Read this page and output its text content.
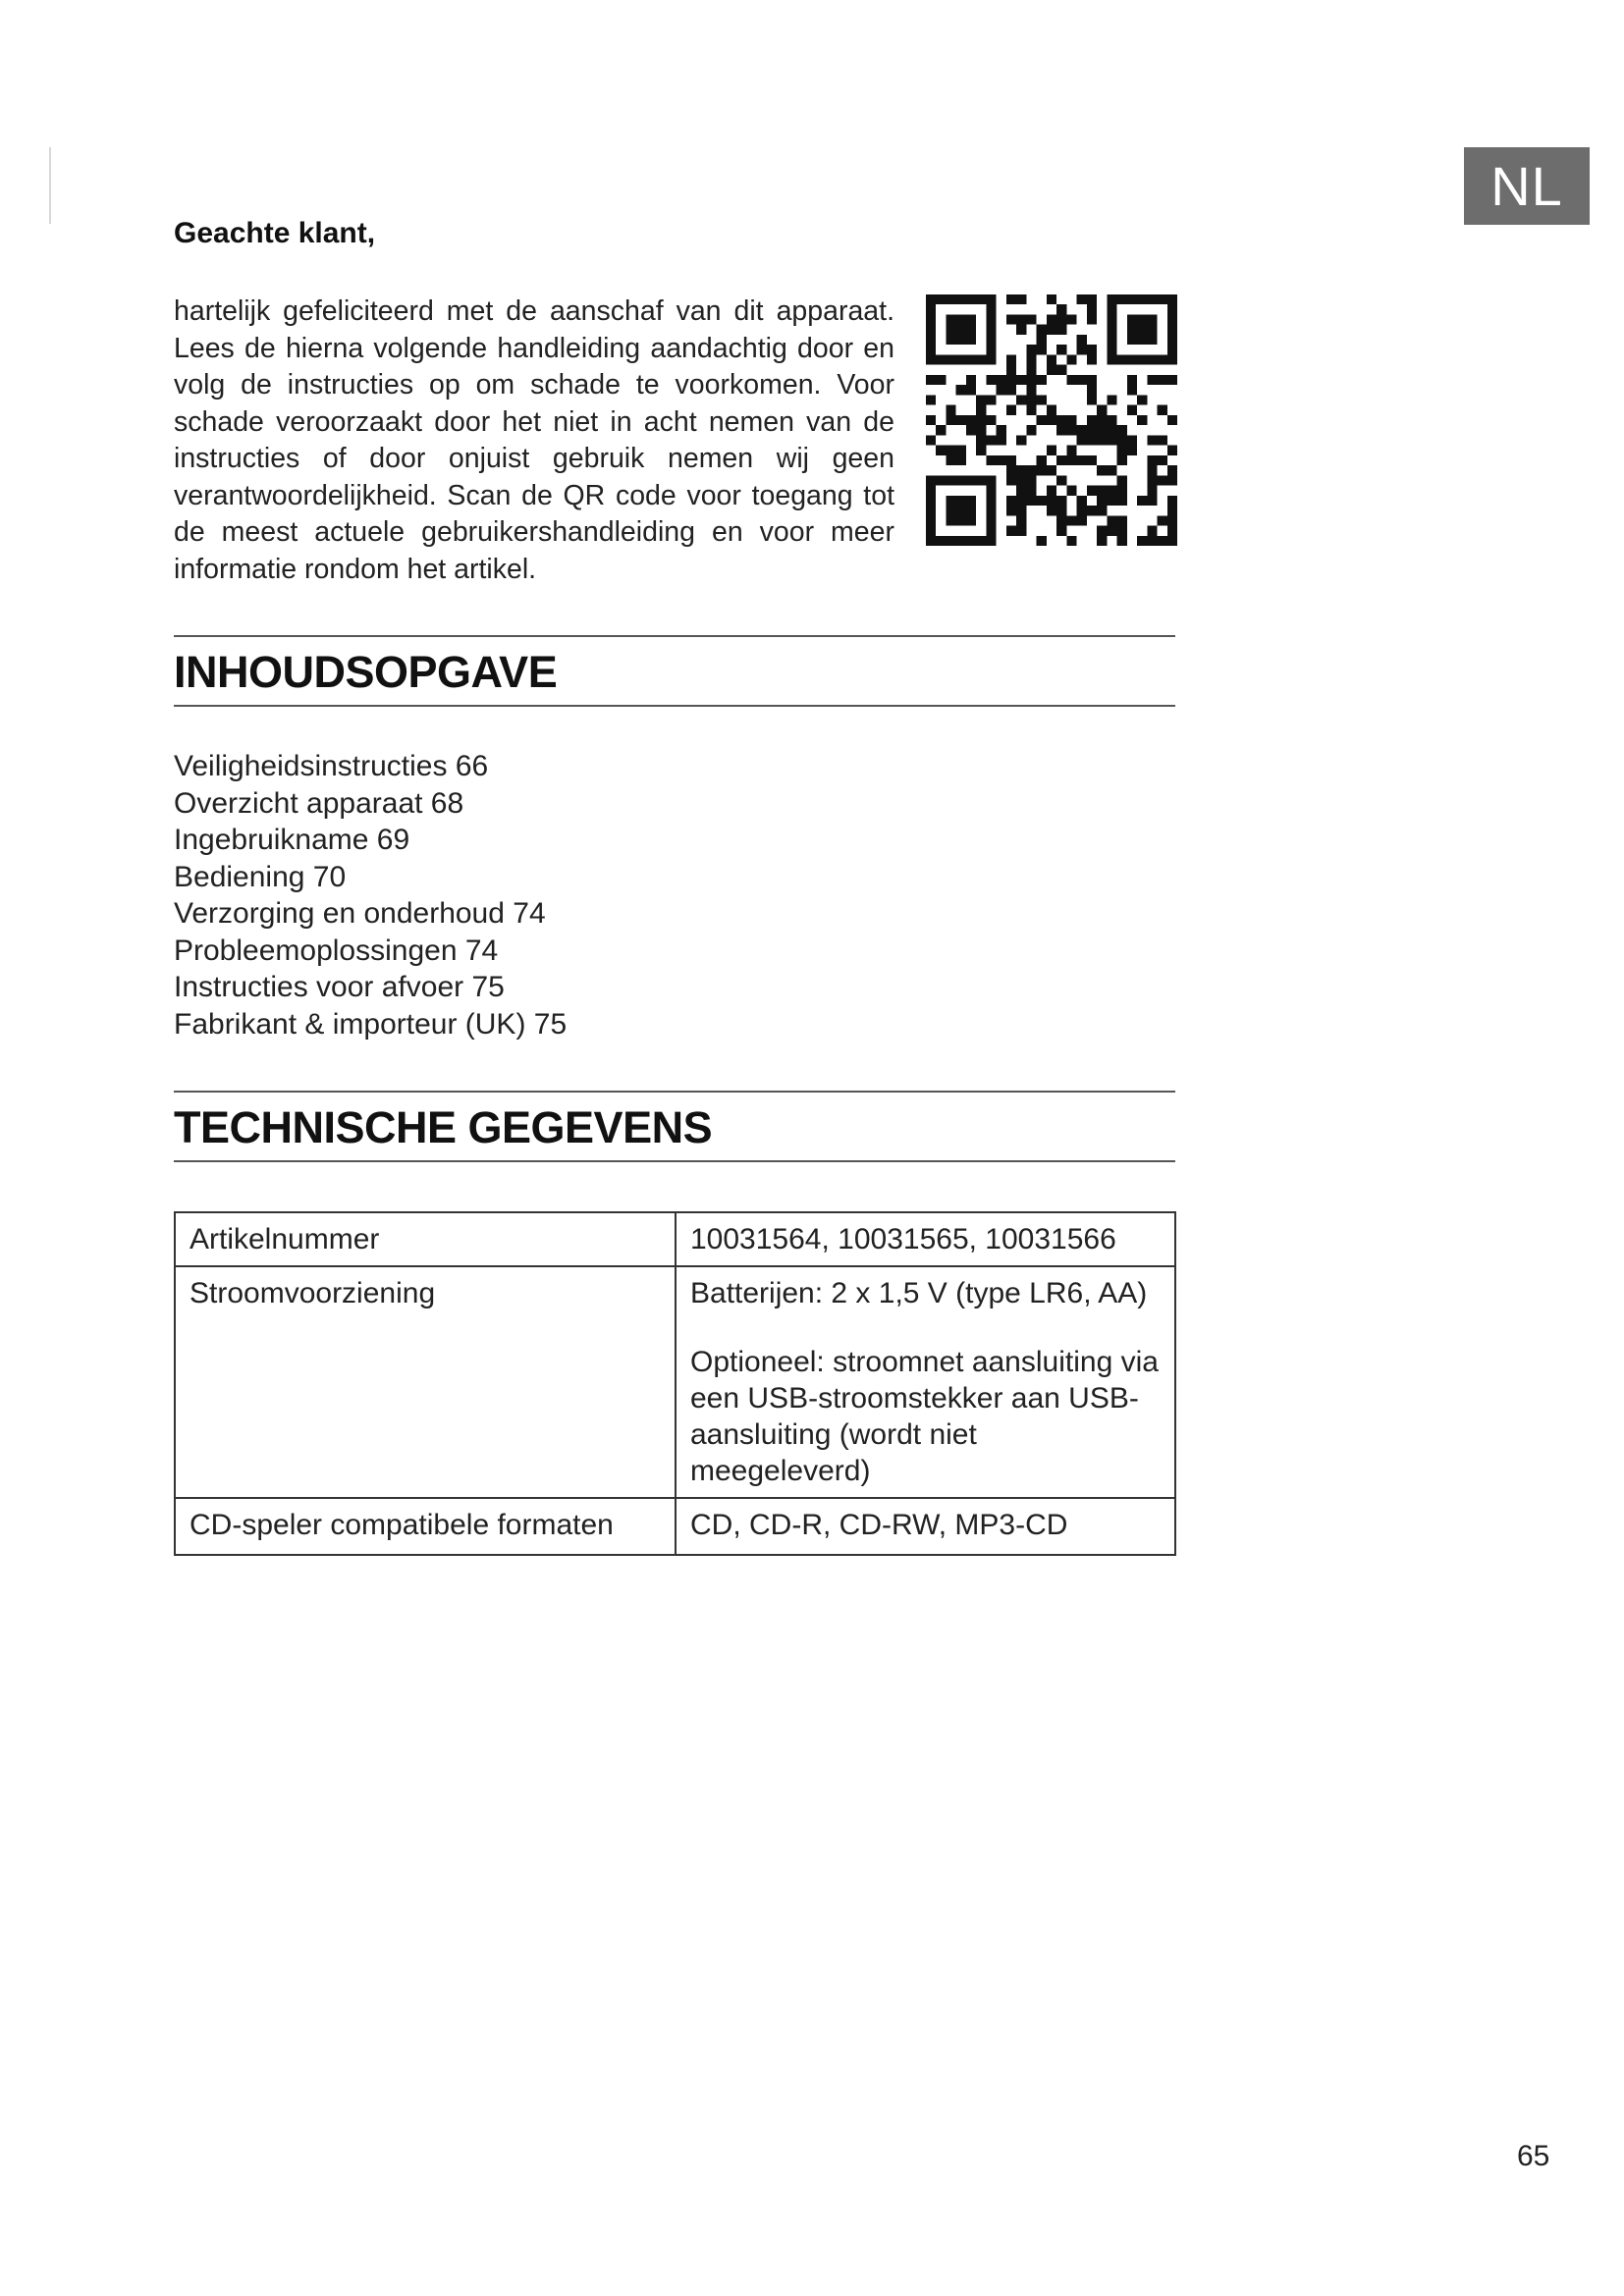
NL
Geachte klant,

hartelijk gefeliciteerd met de aanschaf van dit apparaat. Lees de hierna volgende handleiding aandachtig door en volg de instructies op om schade te voorkomen. Voor schade veroorzaakt door het niet in acht nemen van de instructies of door onjuist gebruik nemen wij geen verantwoordelijkheid. Scan de QR code voor toegang tot de meest actuele gebruikershandleiding en voor meer informatie rondom het artikel.

INHOUDSOPGAVE
Veiligheidsinstructies 66
Overzicht apparaat 68
Ingebruikname 69
Bediening 70
Verzorging en onderhoud 74
Probleemoplossingen 74
Instructies voor afvoer 75
Fabrikant & importeur (UK) 75
TECHNISCHE GEGEVENS
Artikelnummer	10031564, 10031565, 10031566

Stroomvoorziening	Batterijen: 2 x 1,5 V (type LR6, AA)
Optioneel: stroomnet aansluiting via een USB-stroomstekker aan USB-aansluiting (wordt niet meegeleverd)

CD-speler compatibele formaten	CD, CD-R, CD-RW, MP3-CD
65
